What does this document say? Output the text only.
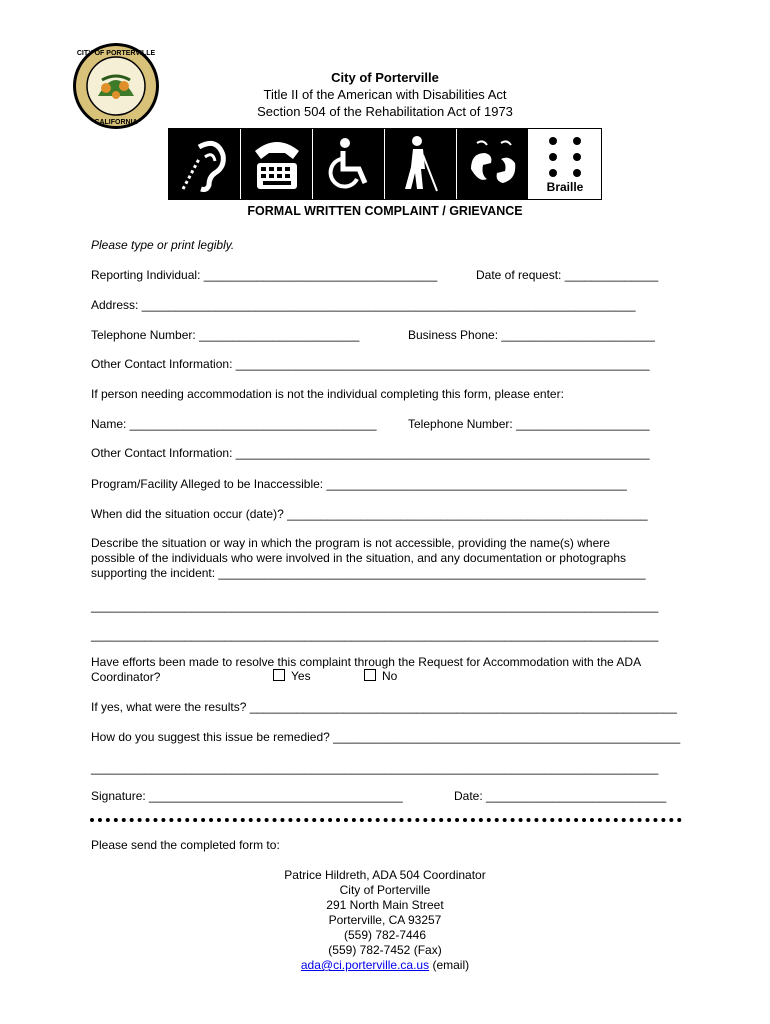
CITY OF PORTERVILLE
CALIFORNIA
City of Porterville
Title II of the American with Disabilities Act
Section 504 of the Rehabilitation Act of 1973
Braille
FORMAL WRITTEN COMPLAINT / GRIEVANCE
Please type or print legibly.
Reporting Individual: ___________________________________	Date of request: ______________
Address: __________________________________________________________________________
Telephone Number: ________________________	Business Phone: _______________________
Other Contact Information: ______________________________________________________________
If person needing accommodation is not the individual completing this form, please enter:
Name: _____________________________________	Telephone Number: ____________________
Other Contact Information: ______________________________________________________________
Program/Facility Alleged to be Inaccessible: _____________________________________________
When did the situation occur (date)? ______________________________________________________
Describe the situation or way in which the program is not accessible, providing the name(s) where
possible of the individuals who were involved in the situation, and any documentation or photographs
supporting the incident: ________________________________________________________________
_____________________________________________________________________________________
_____________________________________________________________________________________
Have efforts been made to resolve this complaint through the Request for Accommodation with the ADA
Coordinator?	Yes	No
If yes, what were the results? ________________________________________________________________
How do you suggest this issue be remedied? ____________________________________________________
_____________________________________________________________________________________
Signature: ______________________________________	Date: ___________________________
Please send the completed form to:
Patrice Hildreth, ADA 504 Coordinator
City of Porterville
291 North Main Street
Porterville, CA 93257
(559) 782-7446
(559) 782-7452 (Fax)
ada@ci.porterville.ca.us (email)
